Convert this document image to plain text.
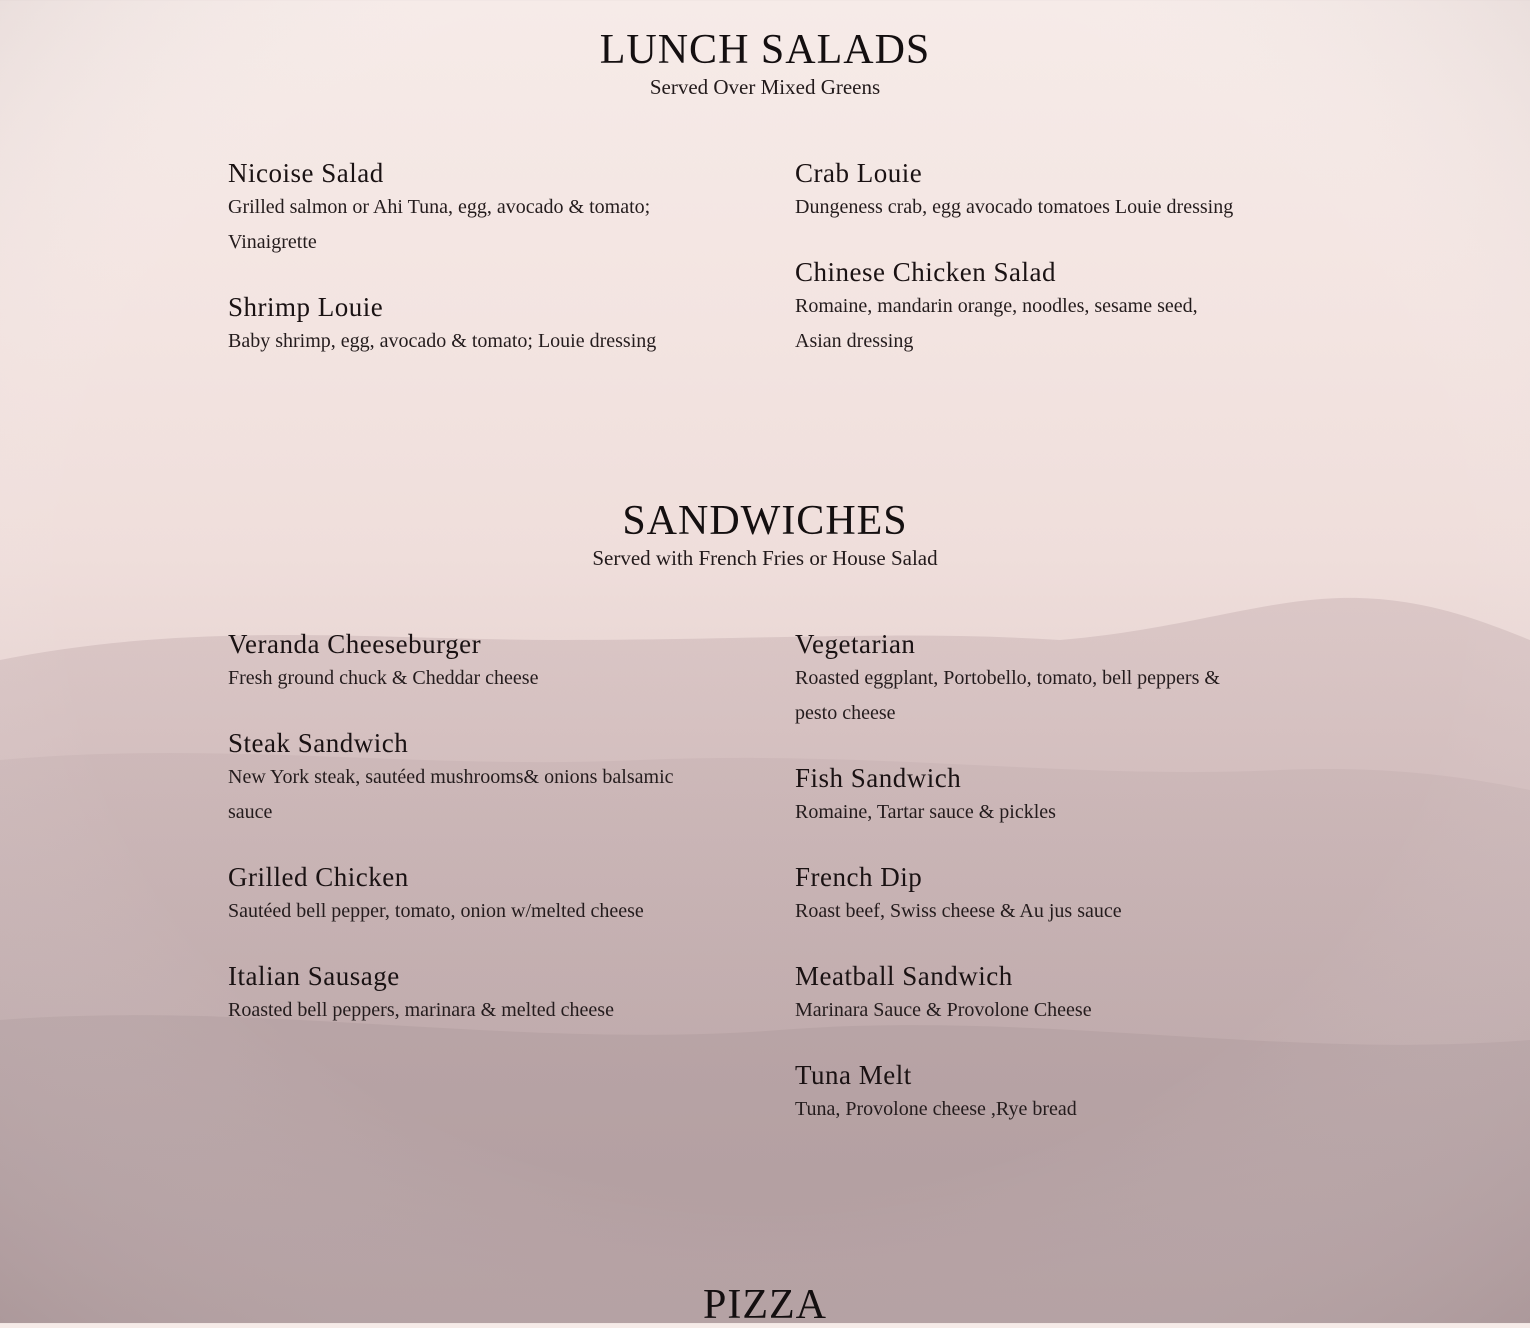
LUNCH SALADS

Served Over Mixed Greens

Nicoise Salad

Grilled salmon or Ahi Tuna, egg, avocado & tomato; Vinaigrette

Shrimp Louie

Baby shrimp, egg, avocado & tomato; Louie dressing

Crab Louie

Dungeness crab, egg avocado tomatoes Louie dressing

Chinese Chicken Salad

Romaine, mandarin orange, noodles, sesame seed, Asian dressing

SANDWICHES

Served with French Fries or House Salad

Veranda Cheeseburger

Fresh ground chuck & Cheddar cheese

Steak Sandwich

New York steak, sautéed mushrooms& onions balsamic sauce

Grilled Chicken

Sautéed bell pepper, tomato, onion w/melted cheese

Italian Sausage

Roasted bell peppers, marinara & melted cheese

Vegetarian

Roasted eggplant, Portobello, tomato, bell peppers & pesto cheese

Fish Sandwich

Romaine, Tartar sauce & pickles

French Dip

Roast beef, Swiss cheese & Au jus sauce

Meatball Sandwich

Marinara Sauce & Provolone Cheese

Tuna Melt

Tuna, Provolone cheese ,Rye bread

PIZZA
